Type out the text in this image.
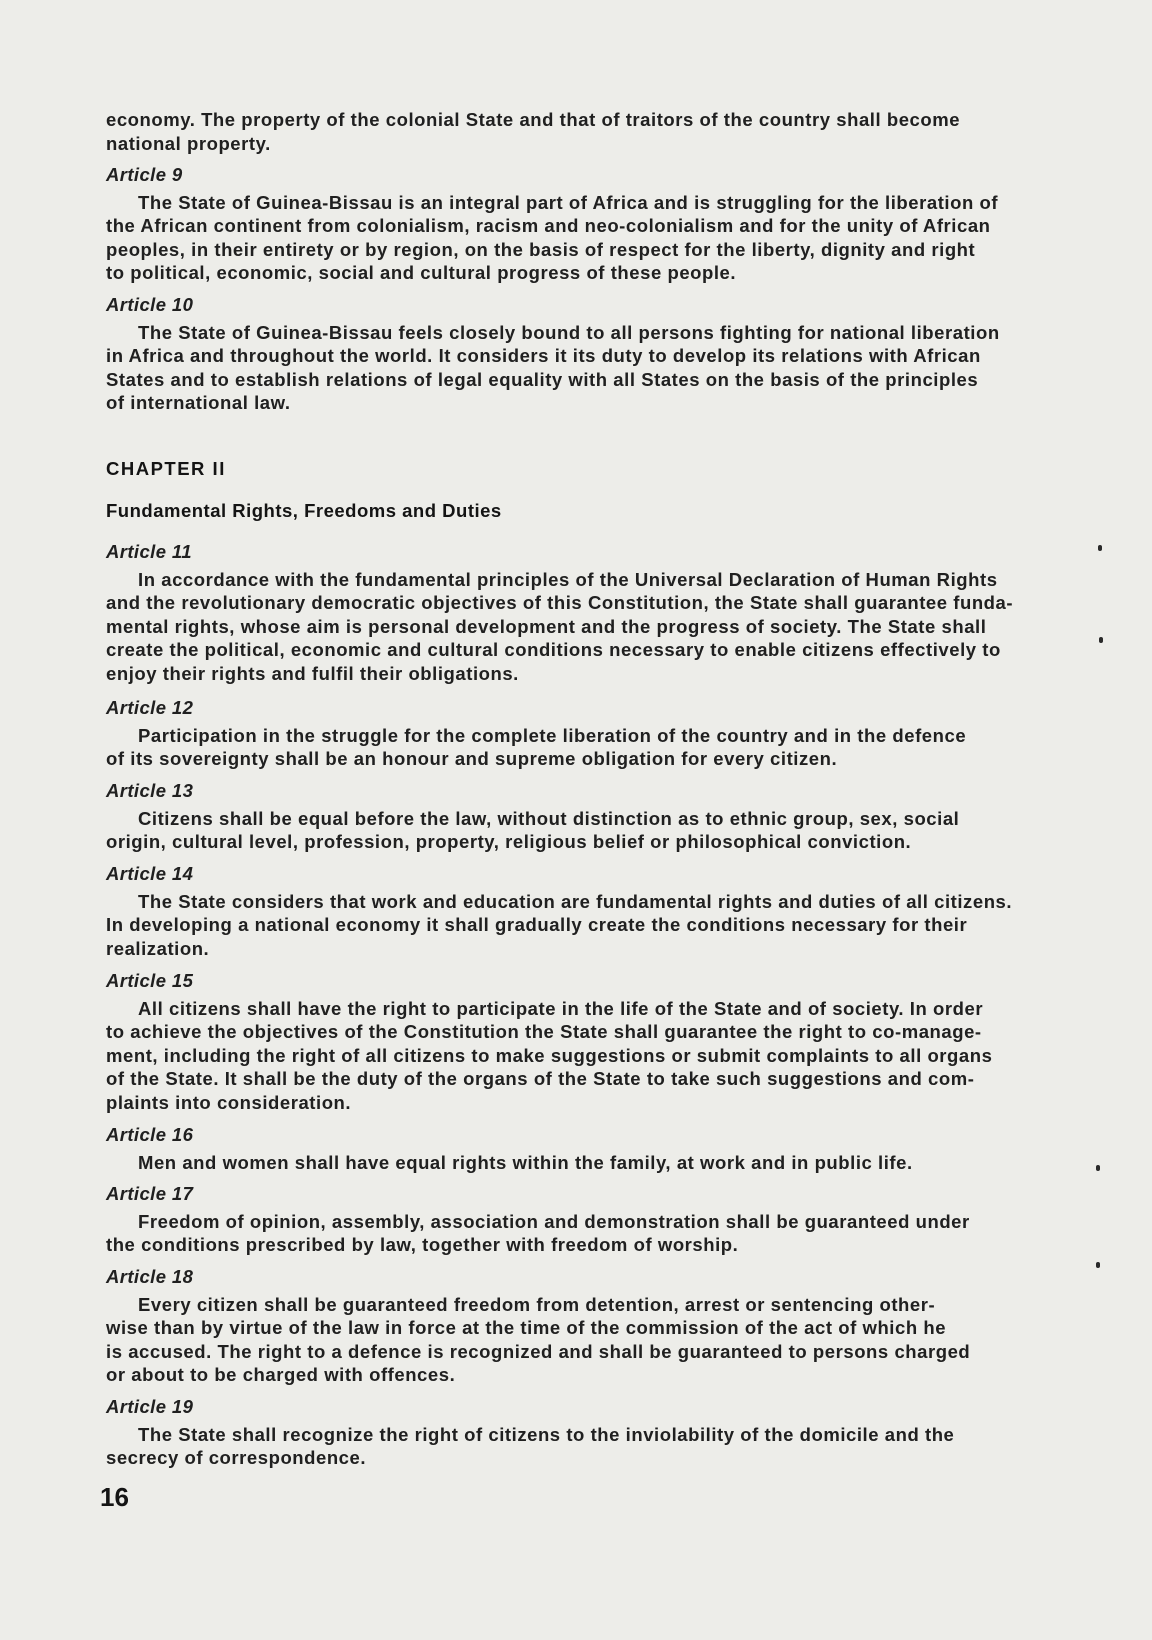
economy. The property of the colonial State and that of traitors of the country shall become
national property.
Article 9
The State of Guinea-Bissau is an integral part of Africa and is struggling for the liberation of
the African continent from colonialism, racism and neo-colonialism and for the unity of African
peoples, in their entirety or by region, on the basis of respect for the liberty, dignity and right
to political, economic, social and cultural progress of these people.
Article 10
The State of Guinea-Bissau feels closely bound to all persons fighting for national liberation
in Africa and throughout the world. It considers it its duty to develop its relations with African
States and to establish relations of legal equality with all States on the basis of the principles
of international law.
CHAPTER II
Fundamental Rights, Freedoms and Duties
Article 11
In accordance with the fundamental principles of the Universal Declaration of Human Rights
and the revolutionary democratic objectives of this Constitution, the State shall guarantee funda-
mental rights, whose aim is personal development and the progress of society. The State shall
create the political, economic and cultural conditions necessary to enable citizens effectively to
enjoy their rights and fulfil their obligations.
Article 12
Participation in the struggle for the complete liberation of the country and in the defence
of its sovereignty shall be an honour and supreme obligation for every citizen.
Article 13
Citizens shall be equal before the law, without distinction as to ethnic group, sex, social
origin, cultural level, profession, property, religious belief or philosophical conviction.
Article 14
The State considers that work and education are fundamental rights and duties of all citizens.
In developing a national economy it shall gradually create the conditions necessary for their
realization.
Article 15
All citizens shall have the right to participate in the life of the State and of society. In order
to achieve the objectives of the Constitution the State shall guarantee the right to co-manage-
ment, including the right of all citizens to make suggestions or submit complaints to all organs
of the State. It shall be the duty of the organs of the State to take such suggestions and com-
plaints into consideration.
Article 16
Men and women shall have equal rights within the family, at work and in public life.
Article 17
Freedom of opinion, assembly, association and demonstration shall be guaranteed under
the conditions prescribed by law, together with freedom of worship.
Article 18
Every citizen shall be guaranteed freedom from detention, arrest or sentencing other-
wise than by virtue of the law in force at the time of the commission of the act of which he
is accused. The right to a defence is recognized and shall be guaranteed to persons charged
or about to be charged with offences.
Article 19
The State shall recognize the right of citizens to the inviolability of the domicile and the
secrecy of correspondence.
16
